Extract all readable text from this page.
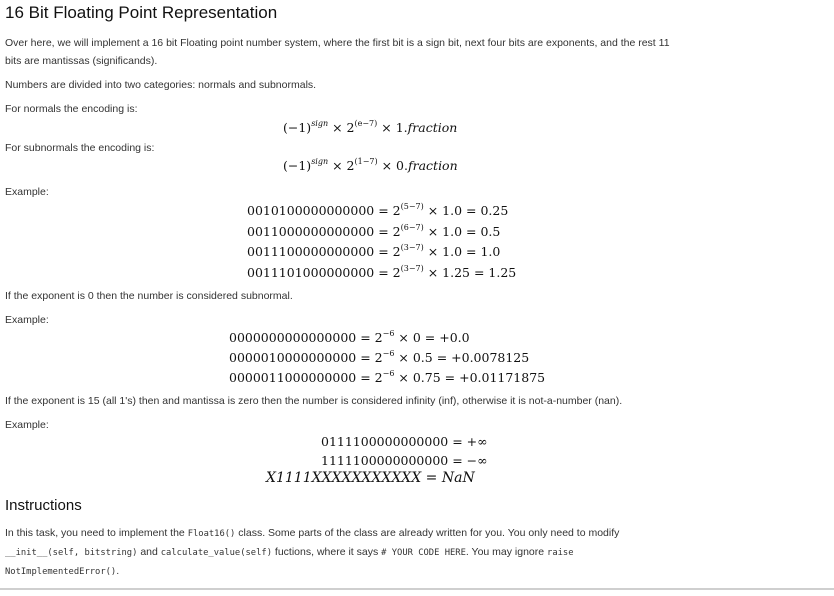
16 Bit Floating Point Representation

Over here, we will implement a 16 bit Floating point number system, where the first bit is a sign bit, next four bits are exponents, and the rest 11
bits are mantissas (significands).

Numbers are divided into two categories: normals and subnormals.

For normals the encoding is:

$(-1)^{sign} \times 2^{(e-7)}$ × 1.fraction

For subnormals the encoding is:

$(-1)^{sign} \times 2^{(1-7)}$ × 0.fraction

Example:

$0010100000000000 = 2^{(5-7)} \times 1.0 = 0.25$
$0011000000000000 = 2^{(6-7)} \times 1.0 = 0.5$
$0011100000000000 = 2^{(3-7)} \times 1.0 = 1.0$
$0011101000000000 = 2^{(3-7)} \times 1.25 = 1.25$

If the exponent is 0 then the number is considered subnormal.

Example:

$0000000000000000 = 2^{-6} \times 0 = +0.0$
$0000010000000000 = 2^{-6} \times 0.5 = +0.0078125$
$0000011000000000 = 2^{-6} \times 0.75 = +0.01171875$

If the exponent is 15 (all 1's) then and mantissa is zero then the number is considered infinity (inf), otherwise it is not-a-number (nan).

Example:

0111100000000000 = +∞
1111100000000000 = −∞
X1111XXXXXXXXXXX = NaN
Instructions

In this task, you need to implement the Float16() class. Some parts of the class are already written for you. You only need to modify
__init__(self, bitstring) and calculate_value(self) fuctions, where it says # YOUR CODE HERE. You may ignore raise
NotImplementedError().
